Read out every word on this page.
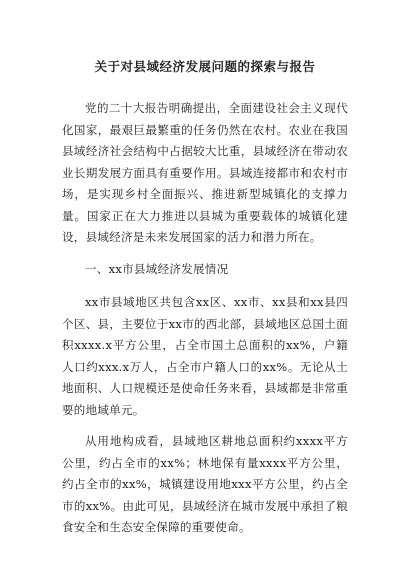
关于对县域经济发展问题的探索与报告

党的二十大报告明确提出，全面建设社会主义现代化国家，最艰巨最繁重的任务仍然在农村。农业在我国县域经济社会结构中占据较大比重，县域经济在带动农业长期发展方面具有重要作用。县域连接都市和农村市场，是实现乡村全面振兴、推进新型城镇化的支撑力量。国家正在大力推进以县城为重要载体的城镇化建设，县域经济是未来发展国家的活力和潜力所在。

一、xx市县域经济发展情况

xx市县域地区共包含xx区、xx市、xx县和xx县四个区、县，主要位于xx市的西北部，县域地区总国土面积xxxx.x平方公里，占全市国土总面积的xx%，户籍人口约xxx.x万人，占全市户籍人口的xx%。无论从土地面积、人口规模还是使命任务来看，县域都是非常重要的地域单元。

从用地构成看，县域地区耕地总面积约xxxx平方公里，约占全市的xx%；林地保有量xxxx平方公里，约占全市的xx%，城镇建设用地xxx平方公里，约占全市的xx%。由此可见，县域经济在城市发展中承担了粮食安全和生态安全保障的重要使命。
